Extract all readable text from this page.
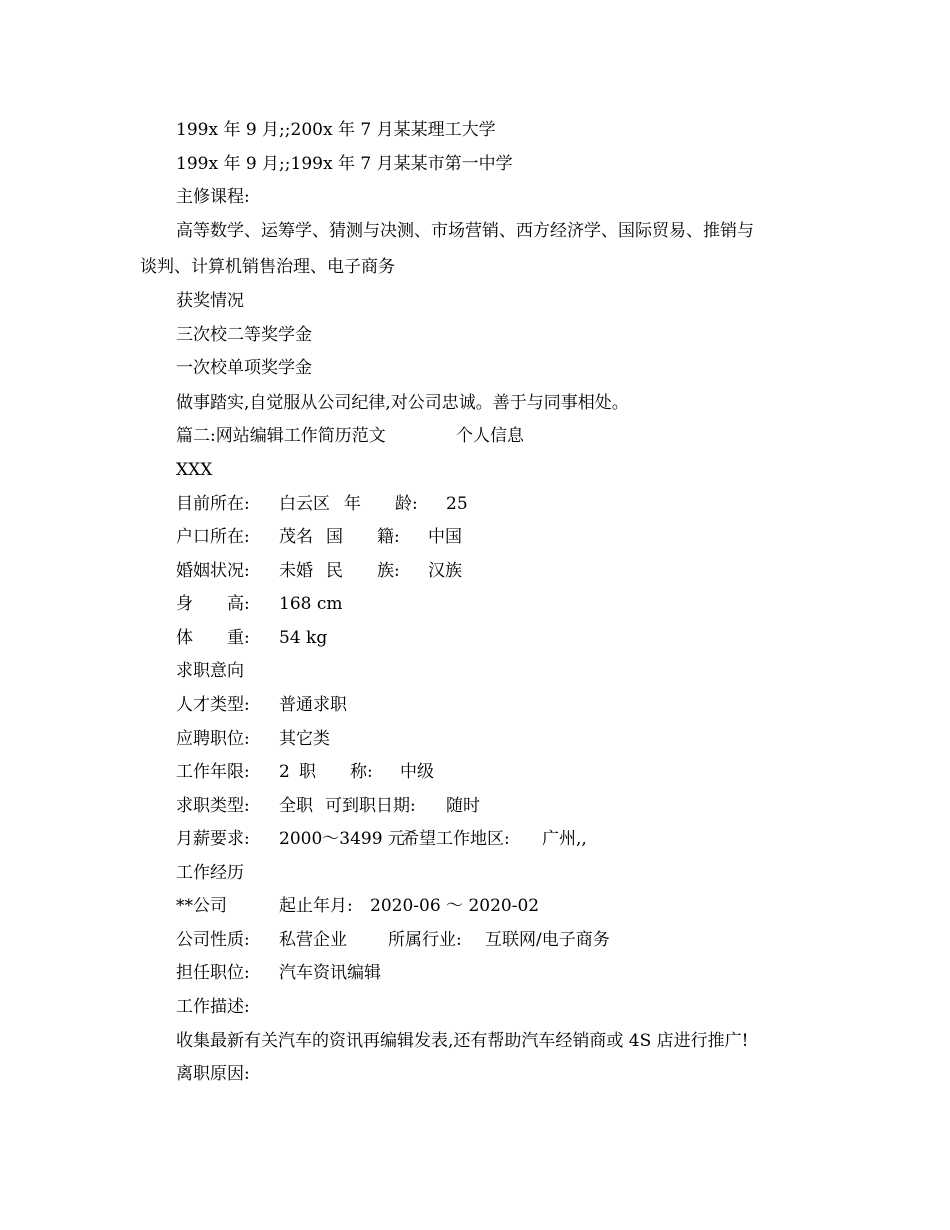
199x 年 9 月;;200x 年 7 月某某理工大学
199x 年 9 月;;199x 年 7 月某某市第一中学
主修课程:
高等数学、运筹学、猜测与决测、市场营销、西方经济学、国际贸易、推销与
谈判、计算机销售治理、电子商务
获奖情况
三次校二等奖学金
一次校单项奖学金
做事踏实,自觉服从公司纪律,对公司忠诚。善于与同事相处。

篇二:网站编辑工作简历范文

	个人信息

XXX

目前所在:

白云区

年　　龄:

25

户口所在:

茂名

国　　籍:

中国

婚姻状况:

未婚

民　　族:

汉族

身　　高:

168 cm

体　　重:

54 kg

求职意向

人才类型:

普通求职

应聘职位:

其它类

工作年限:

2

职　　称:

中级

求职类型:

全职

可到职日期:

随时

月薪要求:

2000～3499 元

希望工作地区:

广州,,

工作经历

**公司

	起止年月:

2020-06 ～ 2020-02

公司性质:

私营企业

所属行业:

互联网/电子商务

担任职位:

汽车资讯编辑

工作描述:
收集最新有关汽车的资讯再编辑发表,还有帮助汽车经销商或 4S 店进行推广!
离职原因:
